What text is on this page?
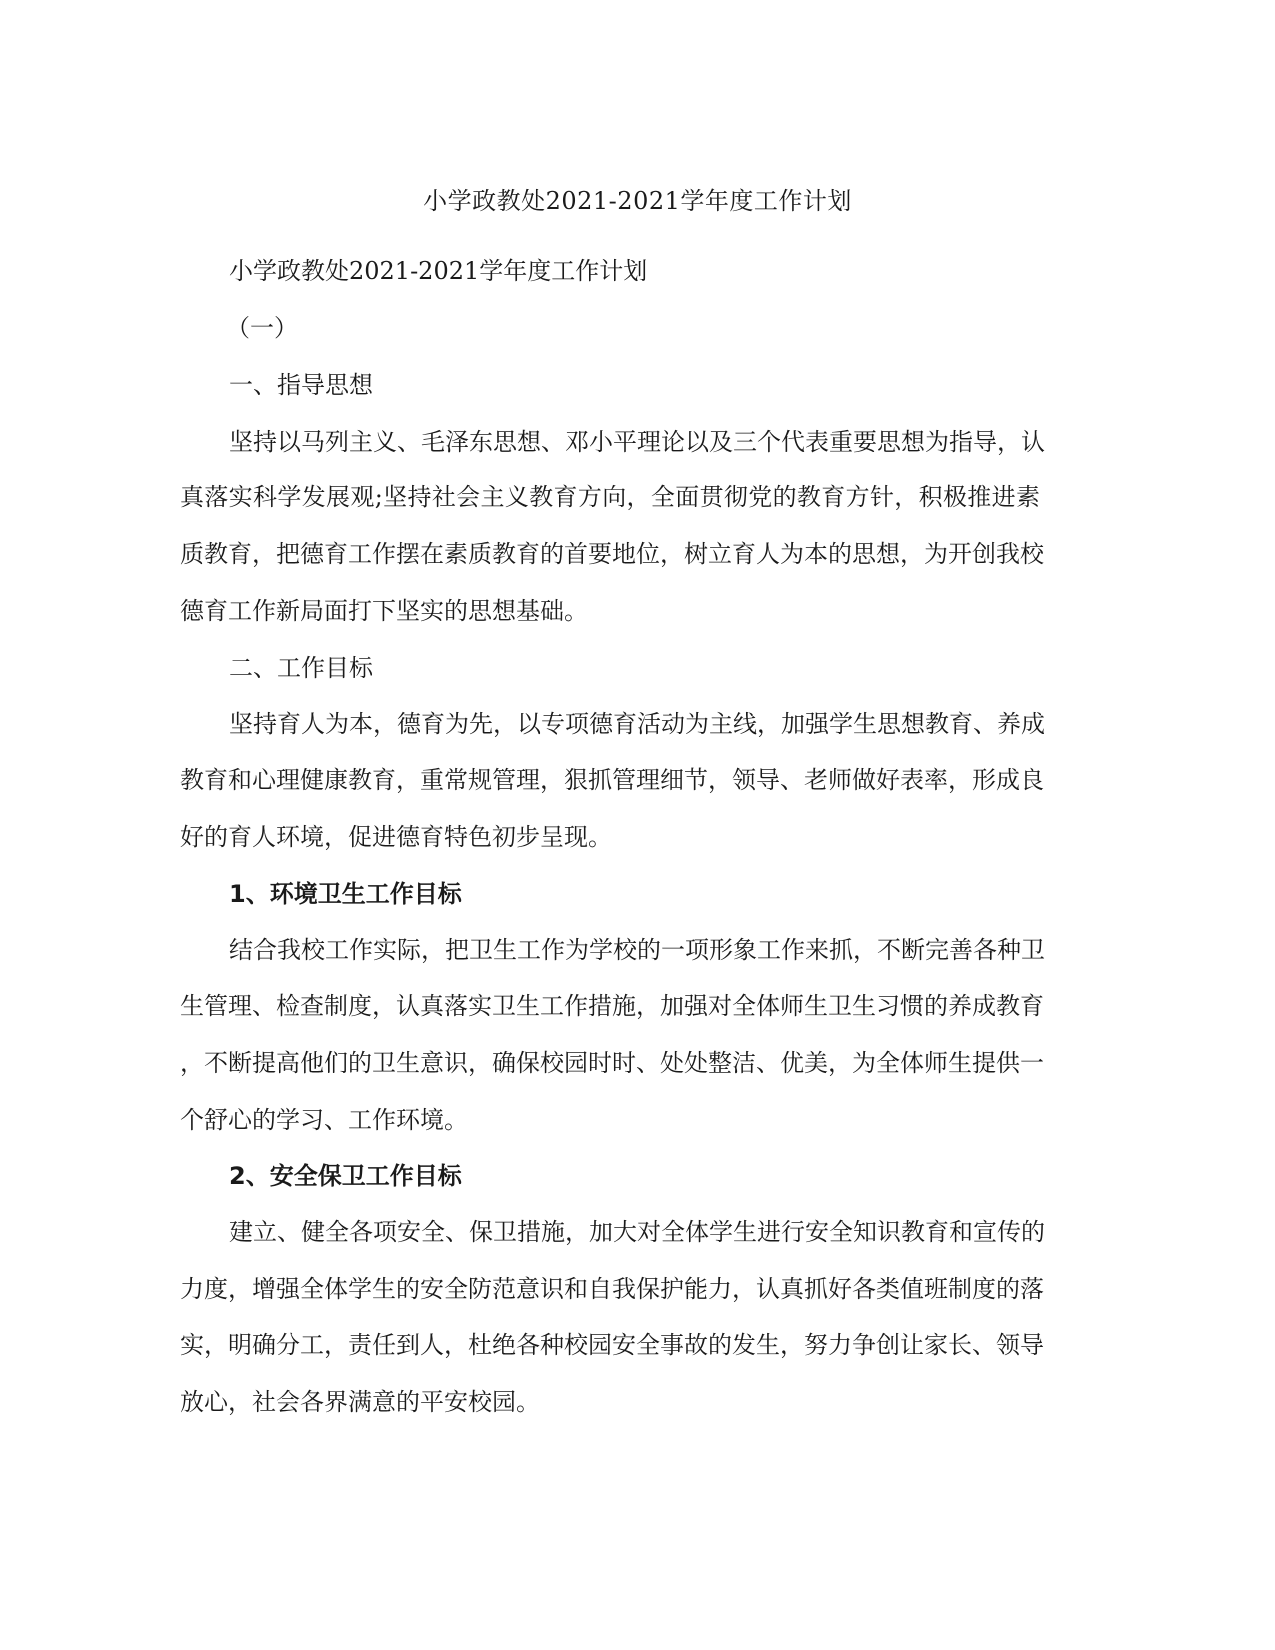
小学政教处2021-2021学年度工作计划
小学政教处2021-2021学年度工作计划
（一）
一、指导思想
坚持以马列主义、毛泽东思想、邓小平理论以及三个代表重要思想为指导，认
真落实科学发展观;坚持社会主义教育方向，全面贯彻党的教育方针，积极推进素
质教育，把德育工作摆在素质教育的首要地位，树立育人为本的思想，为开创我校
德育工作新局面打下坚实的思想基础。
二、工作目标
坚持育人为本，德育为先，以专项德育活动为主线，加强学生思想教育、养成
教育和心理健康教育，重常规管理，狠抓管理细节，领导、老师做好表率，形成良
好的育人环境，促进德育特色初步呈现。
1、环境卫生工作目标
结合我校工作实际，把卫生工作为学校的一项形象工作来抓，不断完善各种卫
生管理、检查制度，认真落实卫生工作措施，加强对全体师生卫生习惯的养成教育
，不断提高他们的卫生意识，确保校园时时、处处整洁、优美，为全体师生提供一
个舒心的学习、工作环境。
2、安全保卫工作目标
建立、健全各项安全、保卫措施，加大对全体学生进行安全知识教育和宣传的
力度，增强全体学生的安全防范意识和自我保护能力，认真抓好各类值班制度的落
实，明确分工，责任到人，杜绝各种校园安全事故的发生，努力争创让家长、领导
放心，社会各界满意的平安校园。
